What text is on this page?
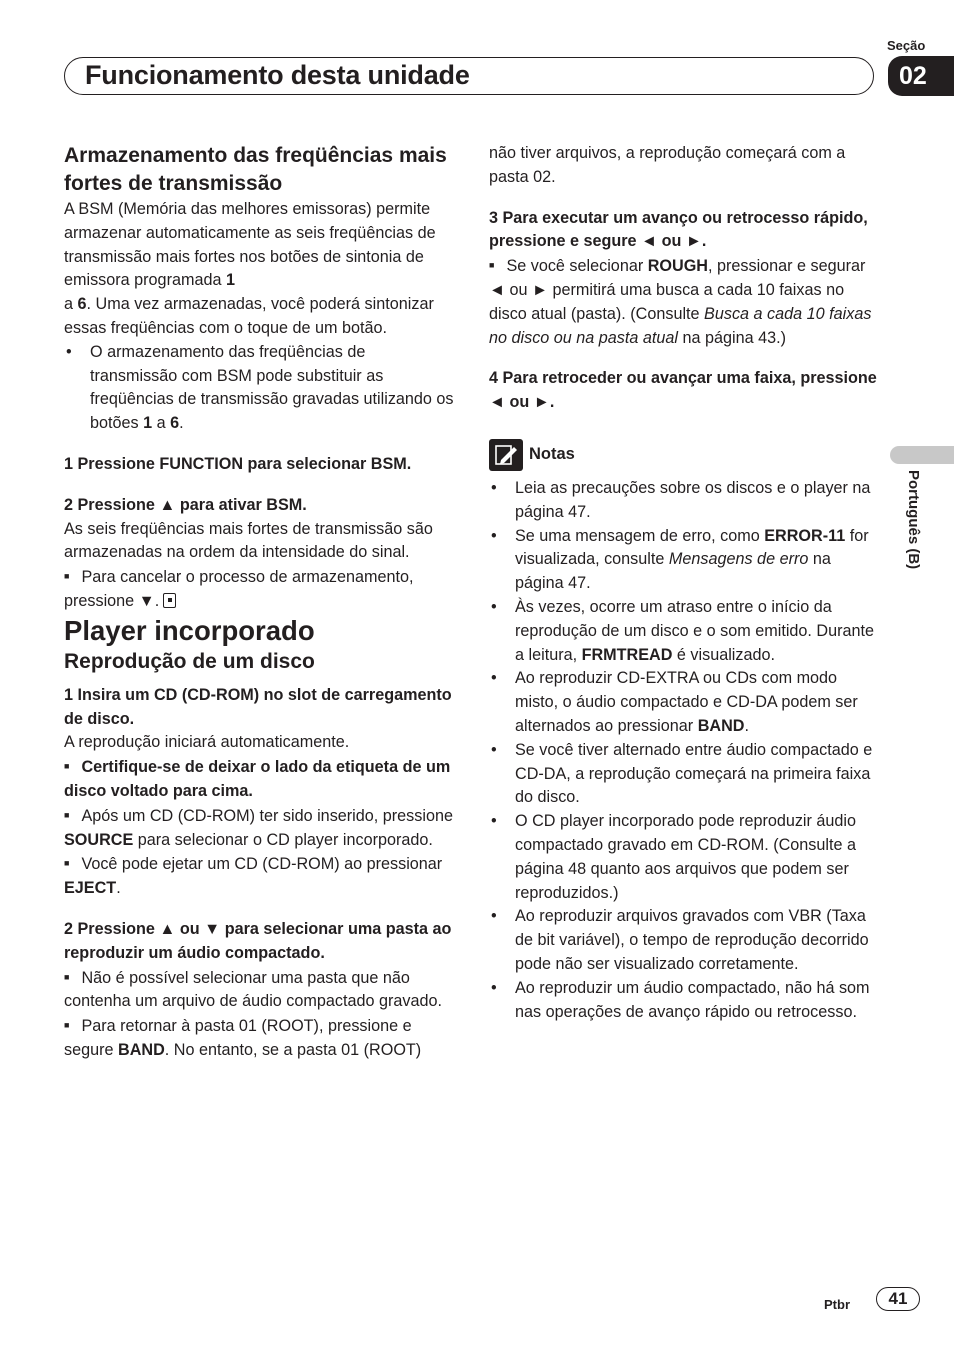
Funcionamento desta unidade
Seção
02
Português (B)

Armazenamento das freqüências mais fortes de transmissão

A BSM (Memória das melhores emissoras) permite armazenar automaticamente as seis freqüências de transmissão mais fortes nos botões de sintonia de emissora programada 1
a 6. Uma vez armazenadas, você poderá sintonizar essas freqüências com o toque de um botão.

• O armazenamento das freqüências de transmissão com BSM pode substituir as freqüências de transmissão gravadas utilizando os botões 1 a 6.

1 Pressione FUNCTION para selecionar BSM.

2 Pressione ▲ para ativar BSM.

As seis freqüências mais fortes de transmissão são armazenadas na ordem da intensidade do sinal.

■ Para cancelar o processo de armazenamento, pressione ▼.

Player incorporado

Reprodução de um disco

1 Insira um CD (CD-ROM) no slot de carregamento de disco.

A reprodução iniciará automaticamente.

■ Certifique-se de deixar o lado da etiqueta de um disco voltado para cima.

■ Após um CD (CD-ROM) ter sido inserido, pressione SOURCE para selecionar o CD player incorporado.

■ Você pode ejetar um CD (CD-ROM) ao pressionar EJECT.

2 Pressione ▲ ou ▼ para selecionar uma pasta ao reproduzir um áudio compactado.

■ Não é possível selecionar uma pasta que não contenha um arquivo de áudio compactado gravado.

■ Para retornar à pasta 01 (ROOT), pressione e segure BAND. No entanto, se a pasta 01 (ROOT)

não tiver arquivos, a reprodução começará com a pasta 02.

3 Para executar um avanço ou retrocesso rápido, pressione e segure ◄ ou ►.

■ Se você selecionar ROUGH, pressionar e segurar ◄ ou ► permitirá uma busca a cada 10 faixas no disco atual (pasta). (Consulte Busca a cada 10 faixas no disco ou na pasta atual na página 43.)

4 Para retroceder ou avançar uma faixa, pressione ◄ ou ►.

Notas

• Leia as precauções sobre os discos e o player na página 47.

• Se uma mensagem de erro, como ERROR-11 for visualizada, consulte Mensagens de erro na página 47.

• Às vezes, ocorre um atraso entre o início da reprodução de um disco e o som emitido. Durante a leitura, FRMTREAD é visualizado.

• Ao reproduzir CD-EXTRA ou CDs com modo misto, o áudio compactado e CD-DA podem ser alternados ao pressionar BAND.

• Se você tiver alternado entre áudio compactado e CD-DA, a reprodução começará na primeira faixa do disco.

• O CD player incorporado pode reproduzir áudio compactado gravado em CD-ROM. (Consulte a página 48 quanto aos arquivos que podem ser reproduzidos.)

• Ao reproduzir arquivos gravados com VBR (Taxa de bit variável), o tempo de reprodução decorrido pode não ser visualizado corretamente.

• Ao reproduzir um áudio compactado, não há som nas operações de avanço rápido ou retrocesso.

Ptbr	41
